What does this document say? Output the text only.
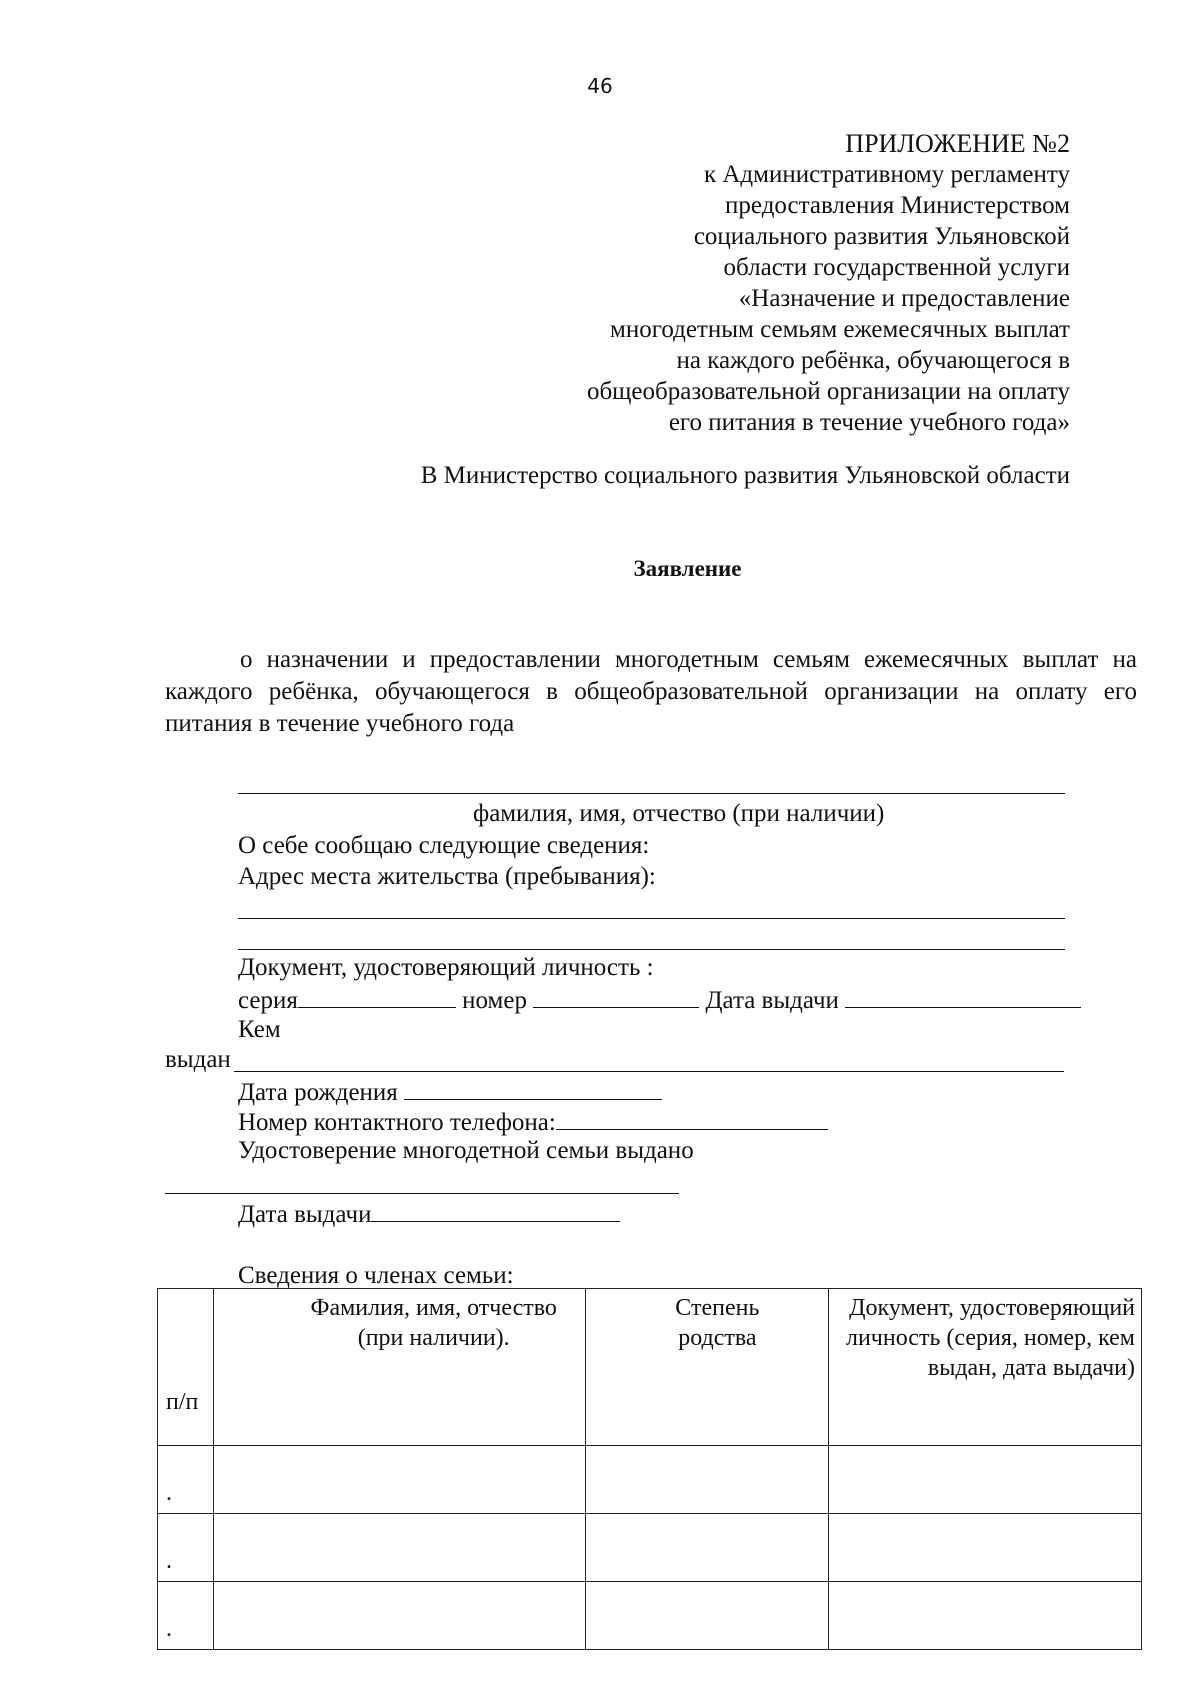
46
ПРИЛОЖЕНИЕ №2
к Административному регламенту
предоставления Министерством
социального развития Ульяновской
области государственной услуги
«Назначение и предоставление
многодетным семьям ежемесячных выплат
на каждого ребёнка, обучающегося в
общеобразовательной организации на оплату
его питания в течение учебного года»
В Министерство социального развития Ульяновской области
Заявление
о назначении и предоставлении многодетным семьям ежемесячных выплат на каждого ребёнка, обучающегося в общеобразовательной организации на оплату его питания в течение учебного года
фамилия, имя, отчество (при наличии)
О себе сообщаю следующие сведения:
Адрес места жительства (пребывания):
Документ, удостоверяющий личность :
серия	номер	Дата выдачи
Кем
выдан
Дата рождения
Номер контактного телефона:
Удостоверение многодетной семьи выдано
Дата выдачи
Сведения о членах семьи:
п/п	Фамилия, имя, отчество (при наличии).	Степень родства	Документ, удостоверяющий личность (серия, номер, кем выдан, дата выдачи)
.			
.			
.			
